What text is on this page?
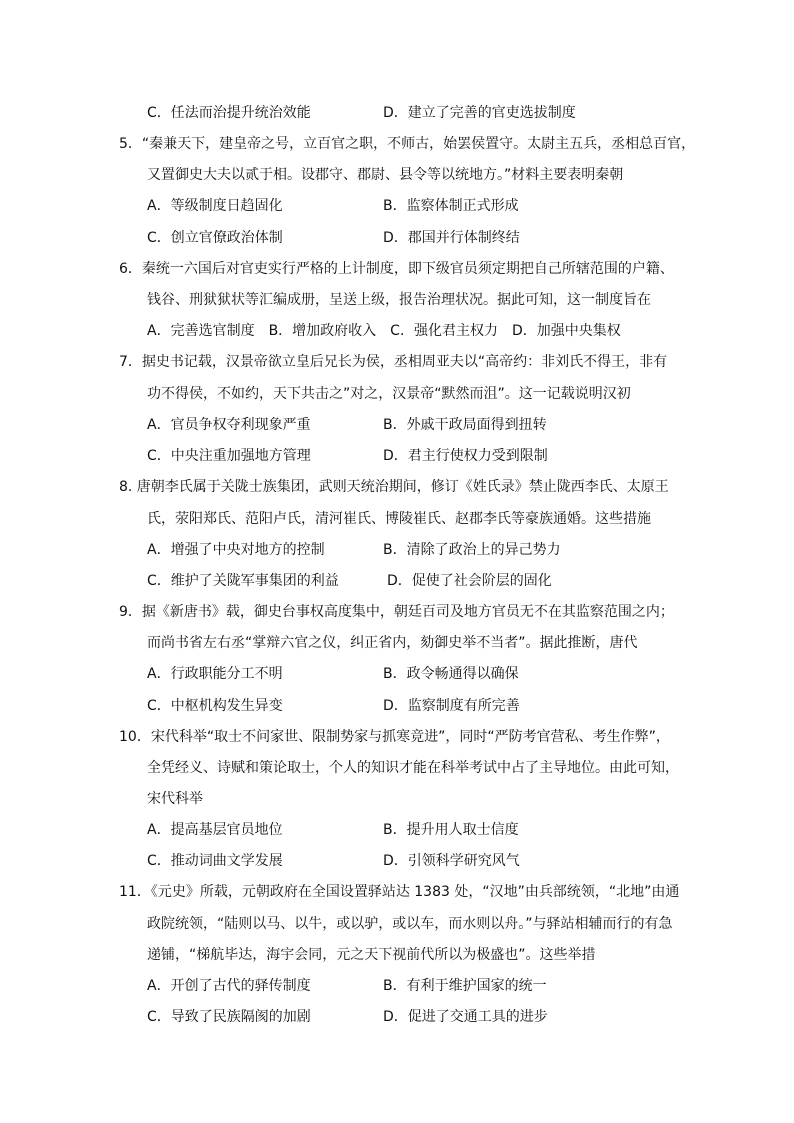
C．任法而治提升统治效能	D．建立了完善的官吏选拔制度
5．“秦兼天下，建皇帝之号，立百官之职，不师古，始罢侯置守。太尉主五兵，丞相总百官，
又置御史大夫以贰于相。设郡守、郡尉、县令等以统地方。”材料主要表明秦朝
A．等级制度日趋固化	B．监察体制正式形成
C．创立官僚政治体制	D．郡国并行体制终结
6．秦统一六国后对官吏实行严格的上计制度，即下级官员须定期把自己所辖范围的户籍、
钱谷、刑狱狱状等汇编成册，呈送上级，报告治理状况。据此可知，这一制度旨在
A．完善选官制度　B．增加政府收入　C．强化君主权力　D．加强中央集权
7．据史书记载，汉景帝欲立皇后兄长为侯，丞相周亚夫以“高帝约：非刘氏不得王，非有
功不得侯，不如约，天下共击之”对之，汉景帝“默然而沮”。这一记载说明汉初
A．官员争权夺利现象严重	B．外戚干政局面得到扭转
C．中央注重加强地方管理	D．君主行使权力受到限制
8. 唐朝李氏属于关陇士族集团，武则天统治期间，修订《姓氏录》禁止陇西李氏、太原王
氏，荥阳郑氏、范阳卢氏，清河崔氏、博陵崔氏、赵郡李氏等豪族通婚。这些措施
A．增强了中央对地方的控制	B．清除了政治上的异己势力
C．维护了关陇军事集团的利益	D．促使了社会阶层的固化
9．据《新唐书》载，御史台事权高度集中，朝廷百司及地方官员无不在其监察范围之内；
而尚书省左右丞“掌辩六官之仪，纠正省内，劾御史举不当者”。据此推断，唐代
A．行政职能分工不明	B．政令畅通得以确保
C．中枢机构发生异变	D．监察制度有所完善
10．宋代科举“取士不问家世、限制势家与抓寒竞进”，同时“严防考官营私、考生作弊”，
全凭经义、诗赋和策论取士，个人的知识才能在科举考试中占了主导地位。由此可知，
宋代科举
A．提高基层官员地位	B．提升用人取士信度
C．推动词曲文学发展	D．引领科学研究风气
11．《元史》所载，元朝政府在全国设置驿站达 1383 处，“汉地”由兵部统领，“北地”由通
政院统领，“陆则以马、以牛，或以驴，或以车，而水则以舟。”与驿站相辅而行的有急
递铺，“梯航毕达，海宇会同，元之天下视前代所以为极盛也”。这些举措
A．开创了古代的驿传制度	B．有利于维护国家的统一
C．导致了民族隔阂的加剧	D．促进了交通工具的进步
